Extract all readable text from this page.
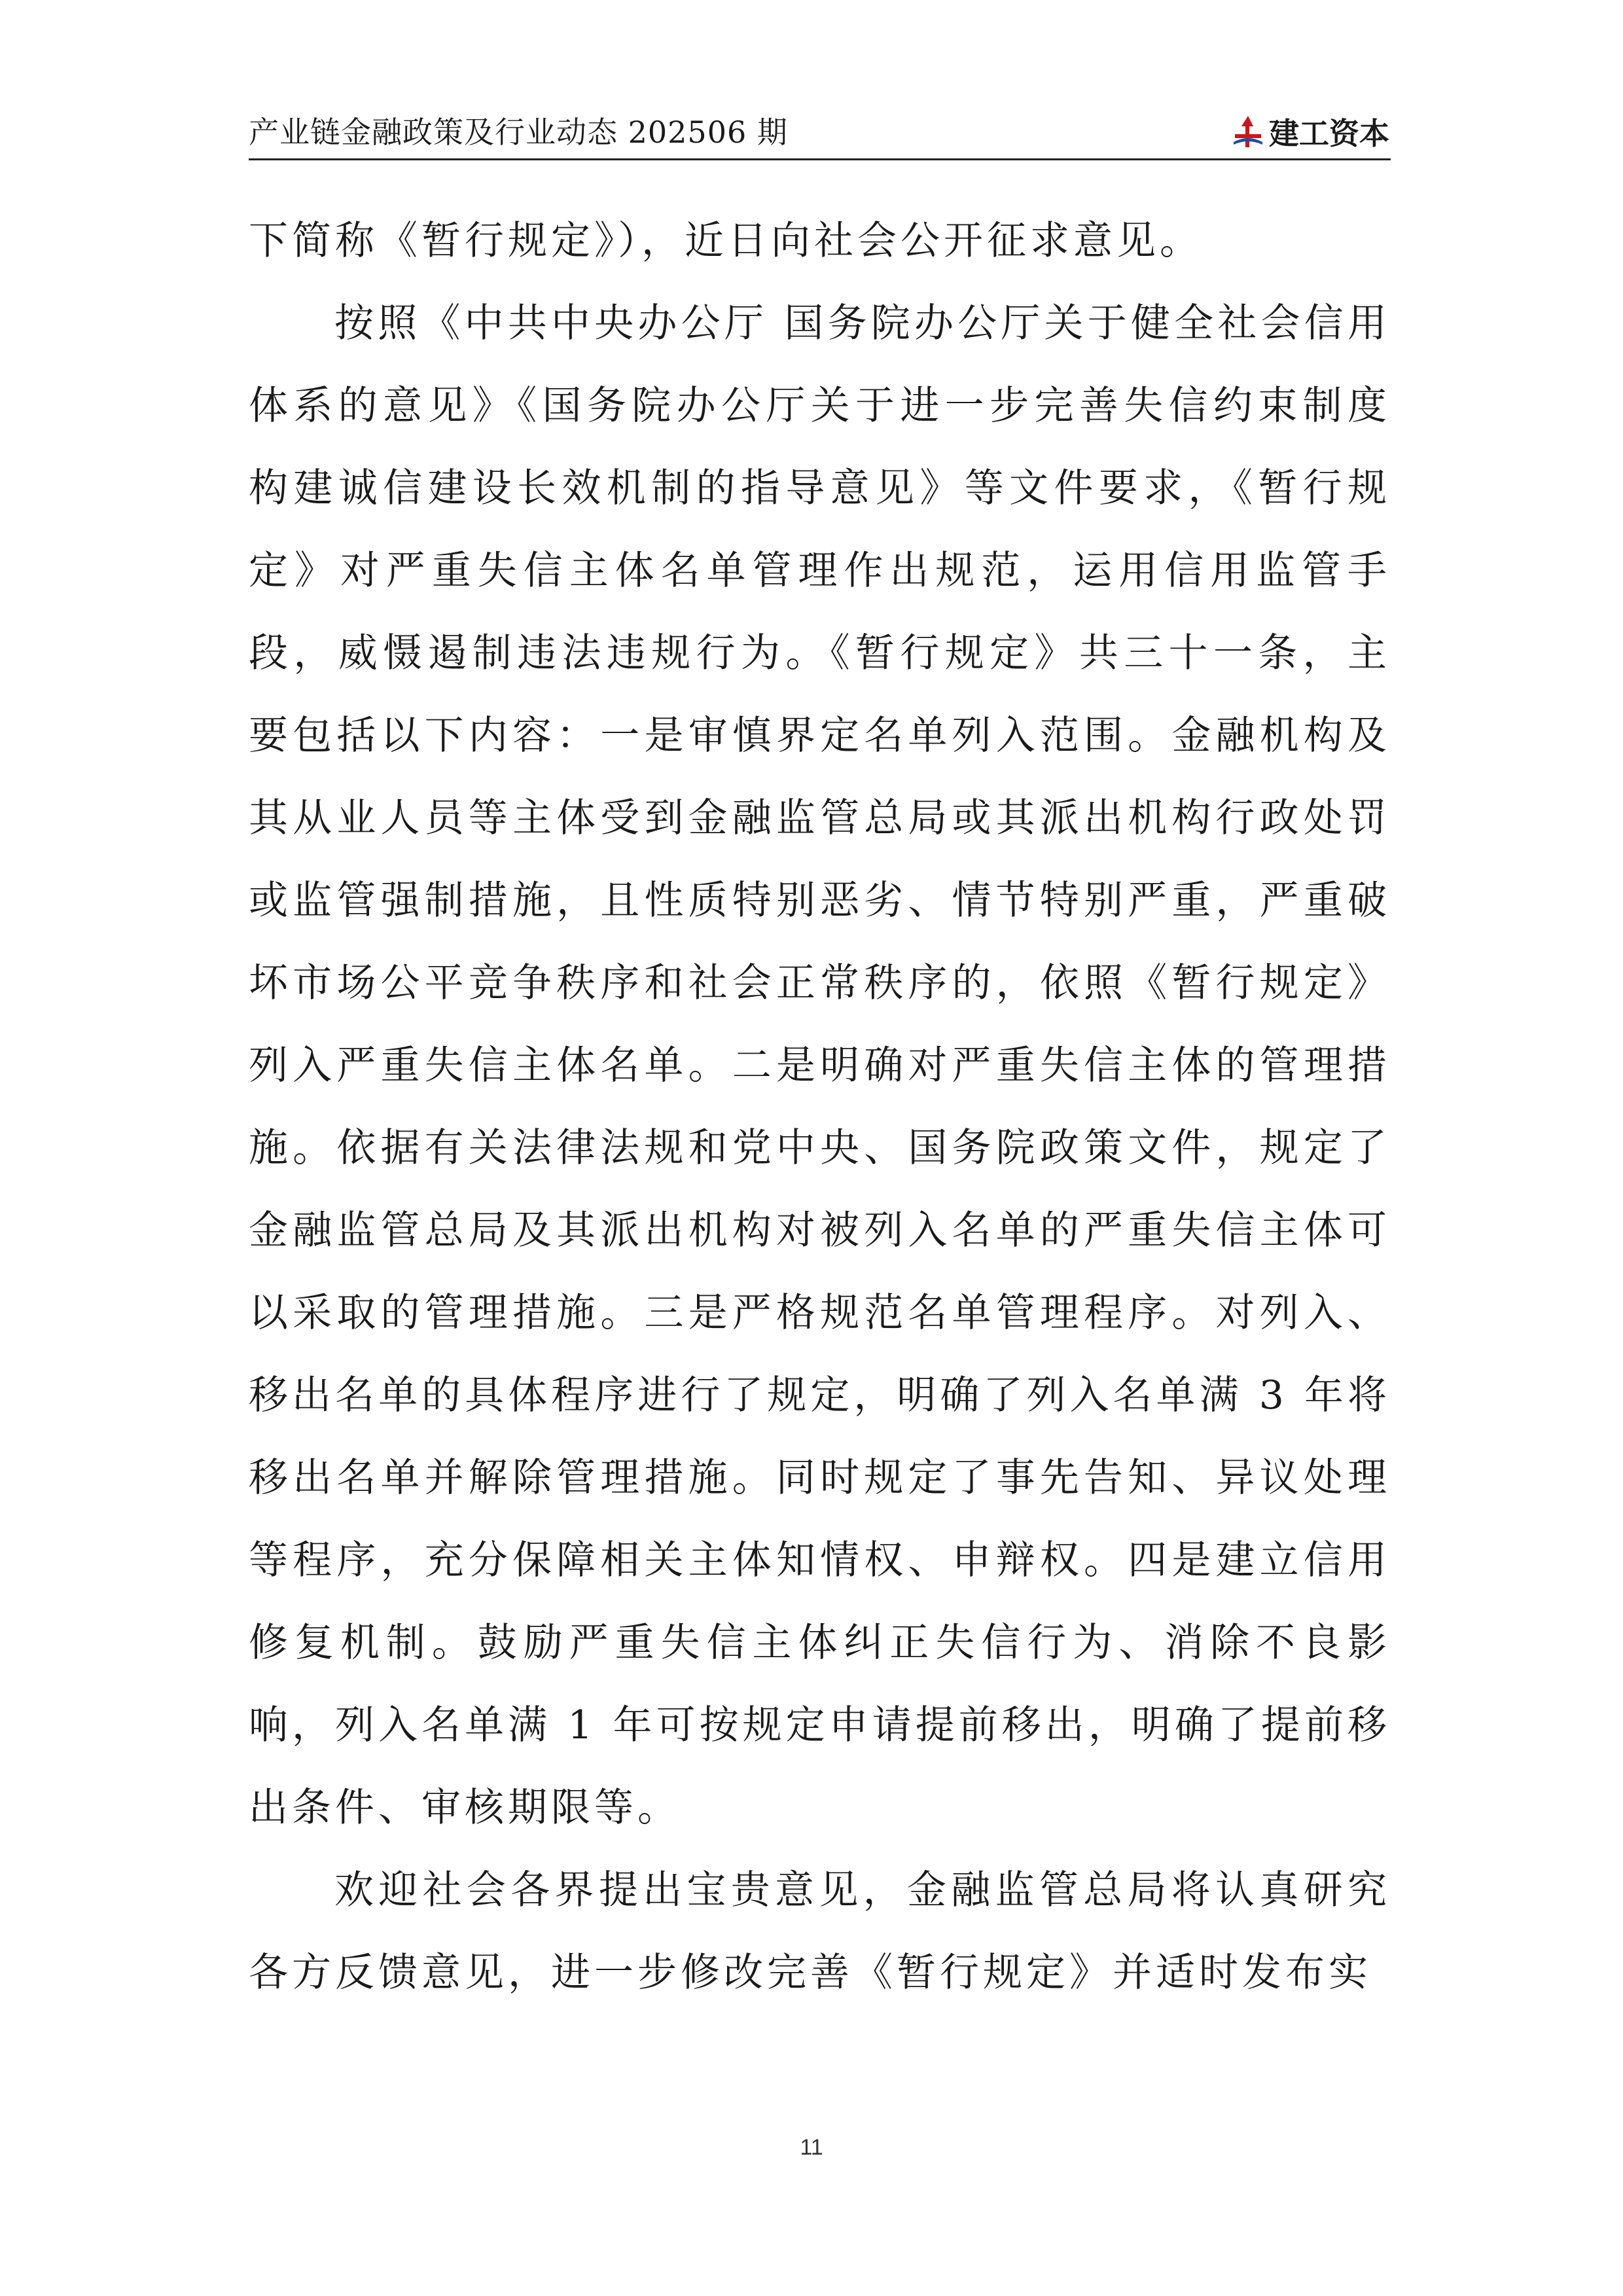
产业链金融政策及行业动态 202506 期	建工资本

下简称《暂行规定》），近日向社会公开征求意见。

按照《中共中央办公厅 国务院办公厅关于健全社会信用体系的意见》《国务院办公厅关于进一步完善失信约束制度构建诚信建设长效机制的指导意见》等文件要求，《暂行规定》对严重失信主体名单管理作出规范，运用信用监管手段，威慑遏制违法违规行为。《暂行规定》共三十一条，主要包括以下内容：一是审慎界定名单列入范围。金融机构及其从业人员等主体受到金融监管总局或其派出机构行政处罚或监管强制措施，且性质特别恶劣、情节特别严重，严重破坏市场公平竞争秩序和社会正常秩序的，依照《暂行规定》列入严重失信主体名单。二是明确对严重失信主体的管理措施。依据有关法律法规和党中央、国务院政策文件，规定了金融监管总局及其派出机构对被列入名单的严重失信主体可以采取的管理措施。三是严格规范名单管理程序。对列入、移出名单的具体程序进行了规定，明确了列入名单满 3 年将移出名单并解除管理措施。同时规定了事先告知、异议处理等程序，充分保障相关主体知情权、申辩权。四是建立信用修复机制。鼓励严重失信主体纠正失信行为、消除不良影响，列入名单满 1 年可按规定申请提前移出，明确了提前移出条件、审核期限等。

欢迎社会各界提出宝贵意见，金融监管总局将认真研究各方反馈意见，进一步修改完善《暂行规定》并适时发布实

11
